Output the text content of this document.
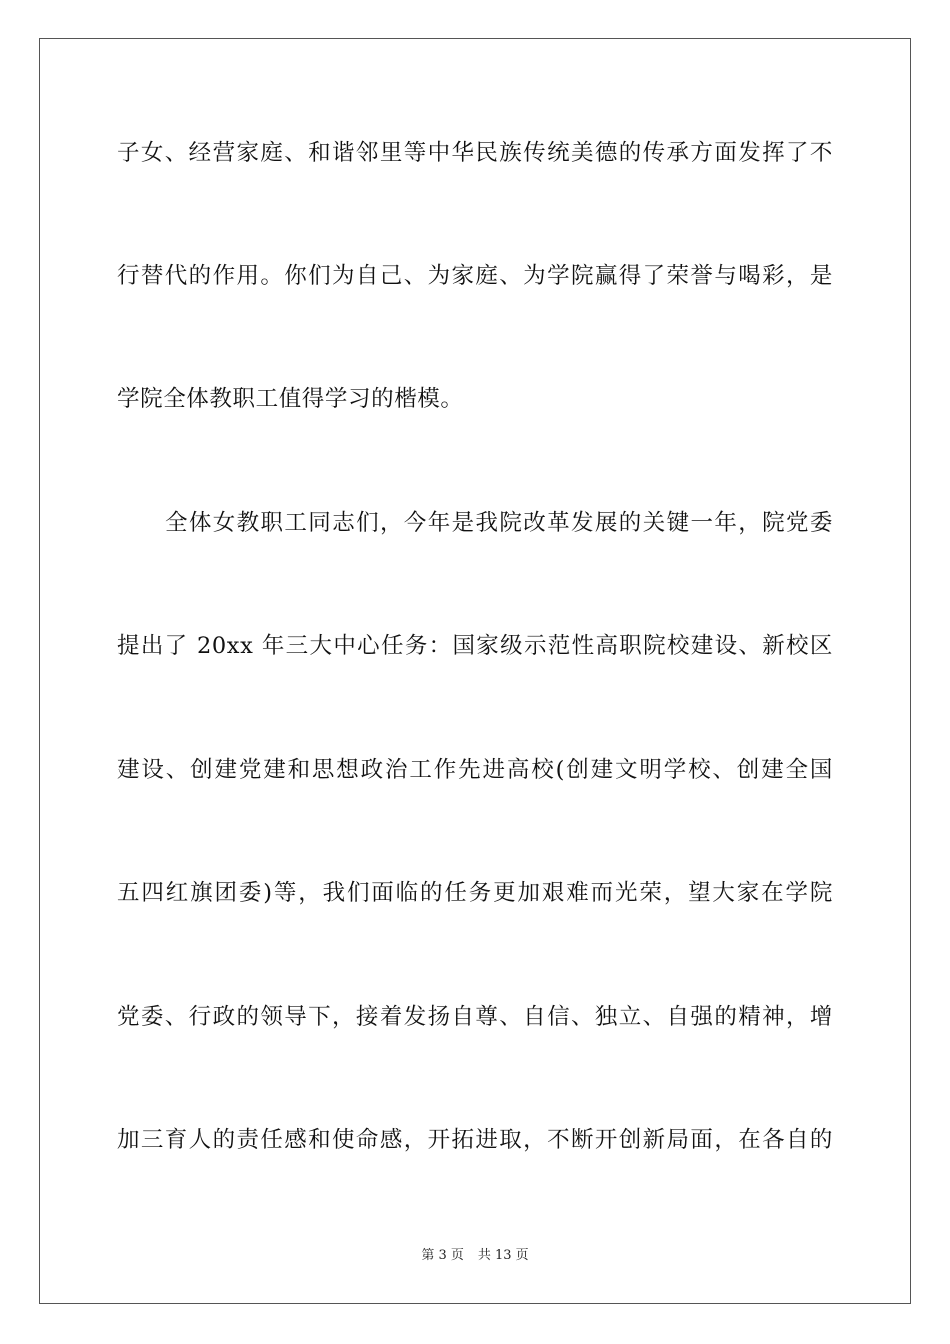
子女、经营家庭、和谐邻里等中华民族传统美德的传承方面发挥了不
行替代的作用。你们为自己、为家庭、为学院赢得了荣誉与喝彩，是
学院全体教职工值得学习的楷模。
全体女教职工同志们，今年是我院改革发展的关键一年，院党委
提出了 20xx 年三大中心任务：国家级示范性高职院校建设、新校区
建设、创建党建和思想政治工作先进高校(创建文明学校、创建全国
五四红旗团委)等，我们面临的任务更加艰难而光荣，望大家在学院
党委、行政的领导下，接着发扬自尊、自信、独立、自强的精神，增
加三育人的责任感和使命感，开拓进取，不断开创新局面，在各自的
第 3 页 共 13 页
